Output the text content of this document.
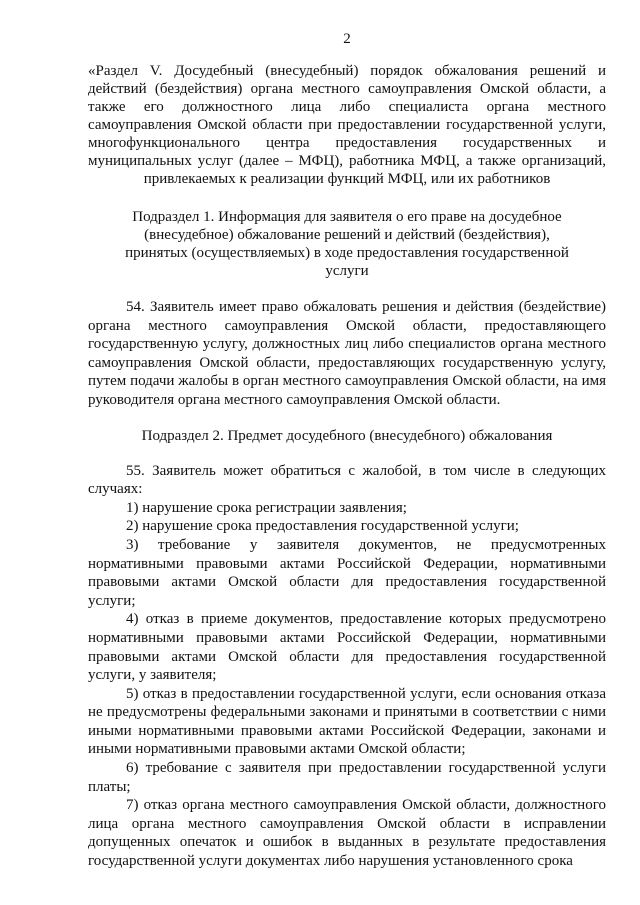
2
«Раздел V. Досудебный (внесудебный) порядок обжалования решений и действий (бездействия) органа местного самоуправления Омской области, а также его должностного лица либо специалиста органа местного самоуправления Омской области при предоставлении государственной услуги, многофункционального центра предоставления государственных и муниципальных услуг (далее – МФЦ), работника МФЦ, а также организаций, привлекаемых к реализации функций МФЦ, или их работников
Подраздел 1. Информация для заявителя о его праве на досудебное (внесудебное) обжалование решений и действий (бездействия), принятых (осуществляемых) в ходе предоставления государственной услуги

54. Заявитель имеет право обжаловать решения и действия (бездействие) органа местного самоуправления Омской области, предоставляющего государственную услугу, должностных лиц либо специалистов органа местного самоуправления Омской области, предоставляющих государственную услугу, путем подачи жалобы в орган местного самоуправления Омской области, на имя руководителя органа местного самоуправления Омской области.

Подраздел 2. Предмет досудебного (внесудебного) обжалования

55. Заявитель может обратиться с жалобой, в том числе в следующих случаях:

1) нарушение срока регистрации заявления;

2) нарушение срока предоставления государственной услуги;

3) требование у заявителя документов, не предусмотренных нормативными правовыми актами Российской Федерации, нормативными правовыми актами Омской области для предоставления государственной услуги;

4) отказ в приеме документов, предоставление которых предусмотрено нормативными правовыми актами Российской Федерации, нормативными правовыми актами Омской области для предоставления государственной услуги, у заявителя;

5) отказ в предоставлении государственной услуги, если основания отказа не предусмотрены федеральными законами и принятыми в соответствии с ними иными нормативными правовыми актами Российской Федерации, законами и иными нормативными правовыми актами Омской области;

6) требование с заявителя при предоставлении государственной услуги платы;

7) отказ органа местного самоуправления Омской области, должностного лица органа местного самоуправления Омской области в исправлении допущенных опечаток и ошибок в выданных в результате предоставления государственной услуги документах либо нарушения установленного срока
